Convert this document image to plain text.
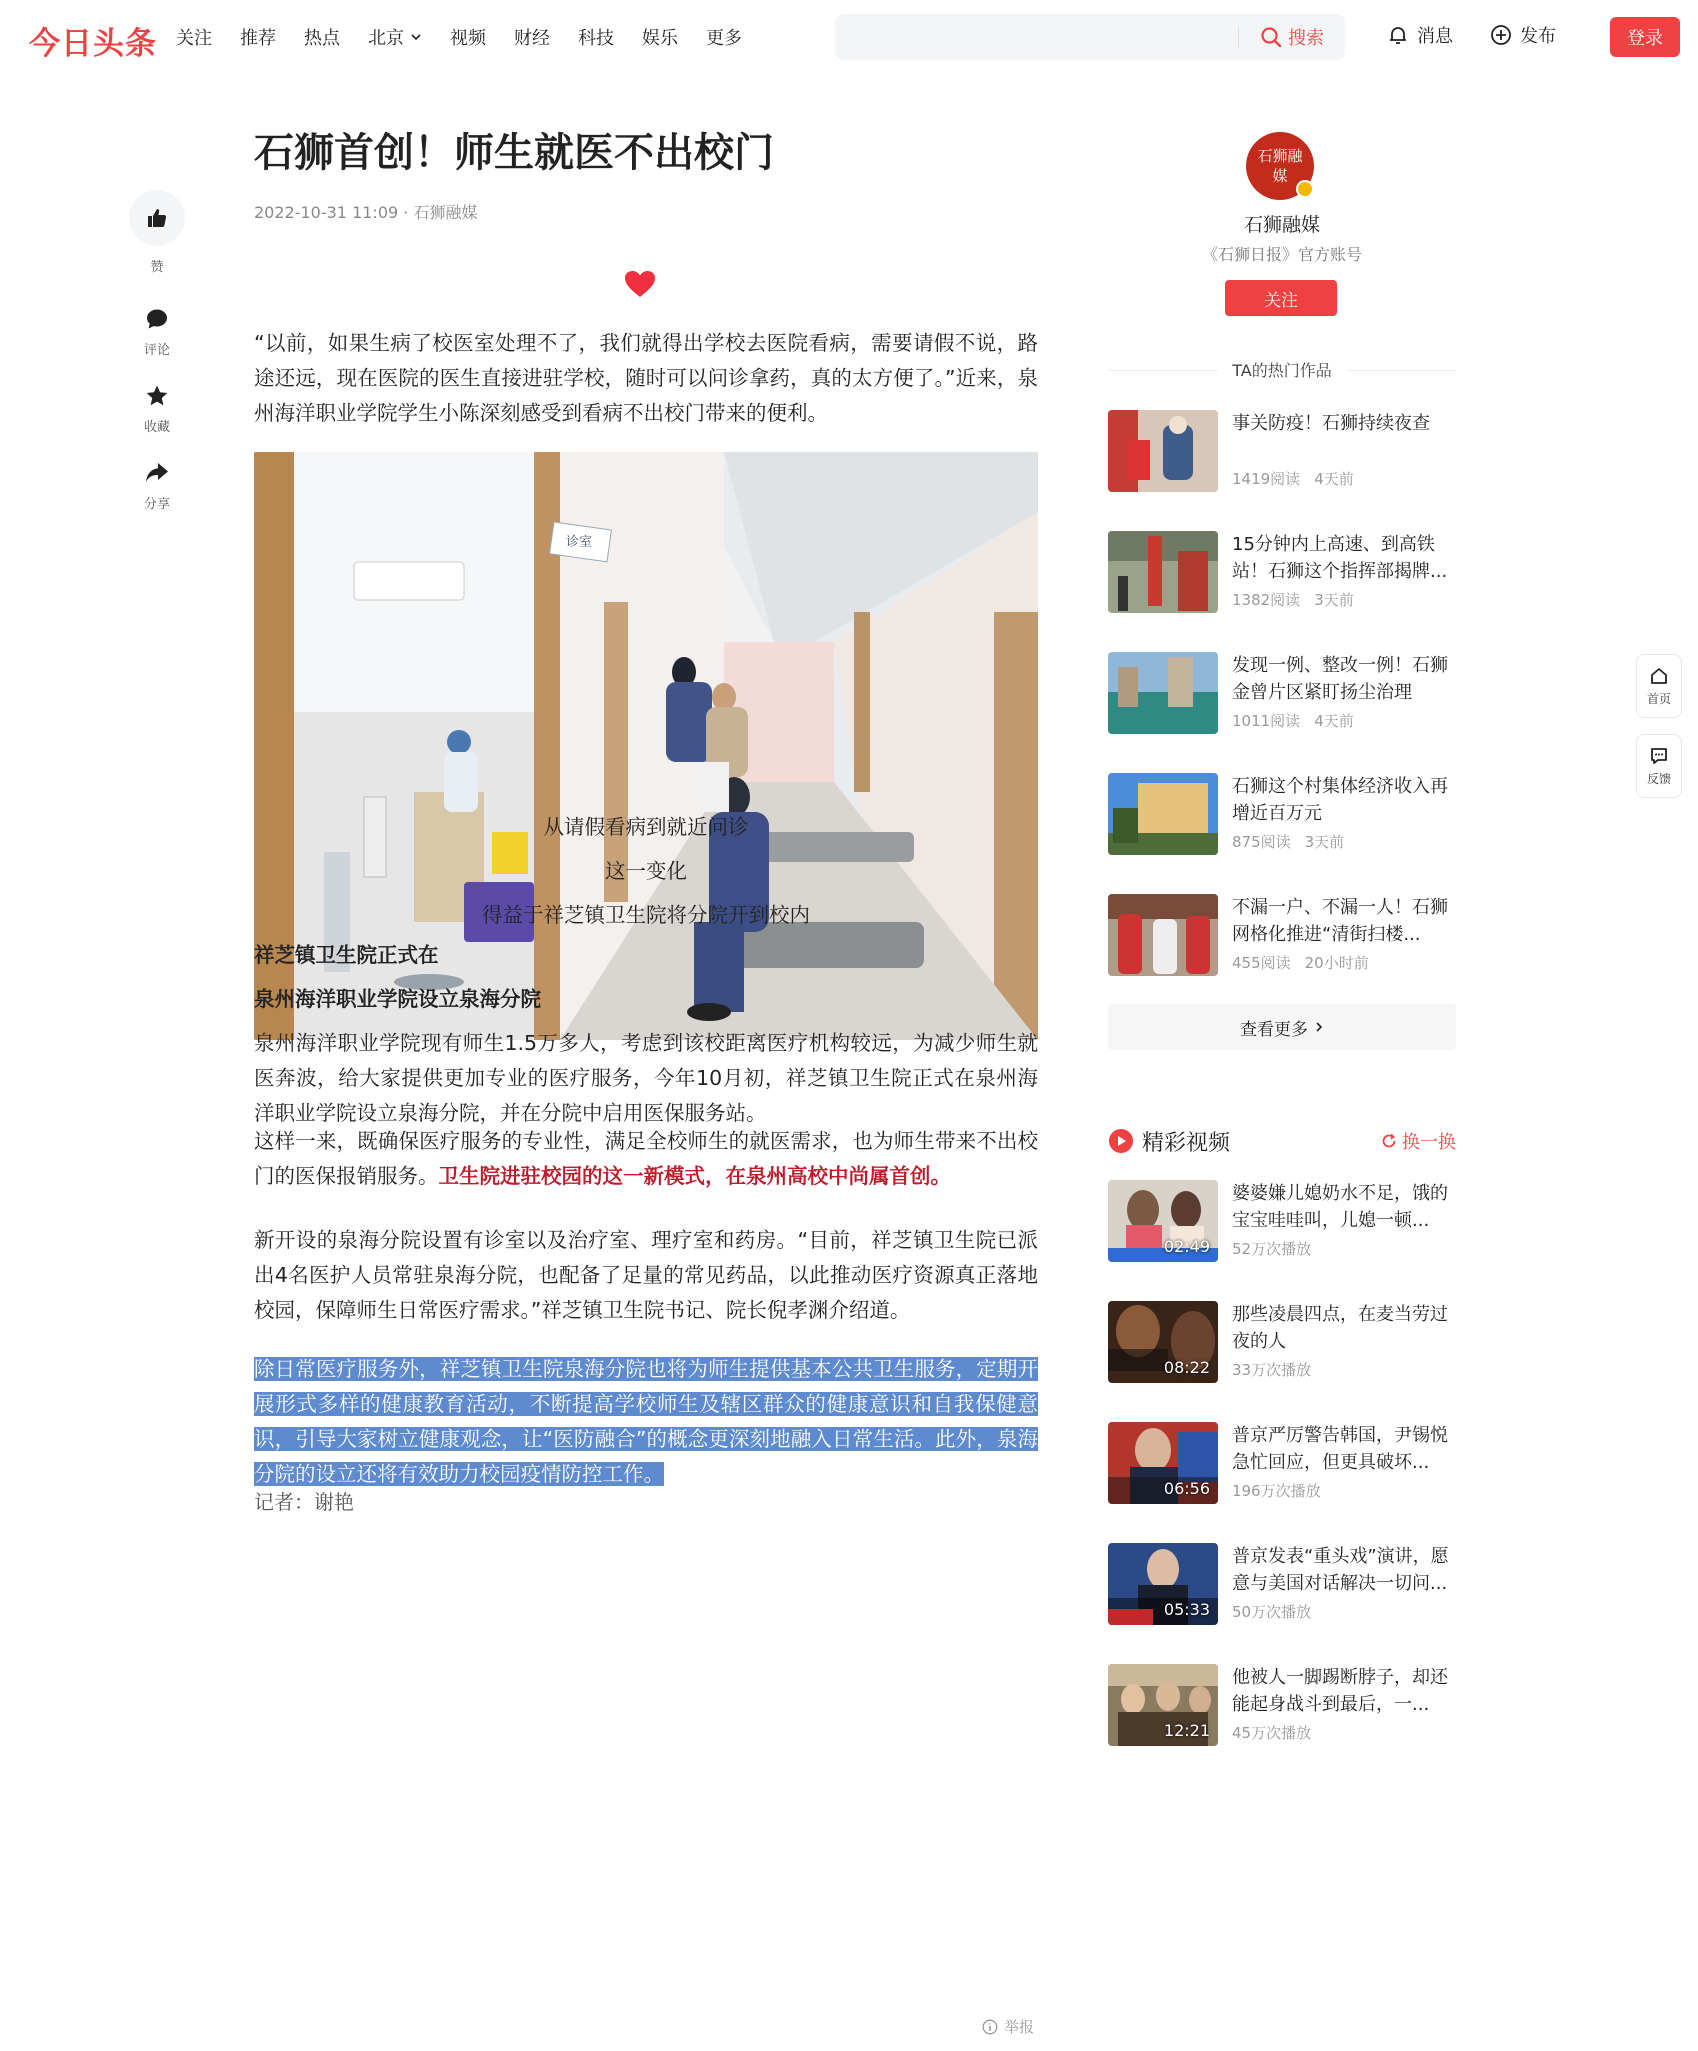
今日头条 关注 推荐 热点 北京	视频 财经 科技 娱乐 更多	搜索	消息	发布	登录
赞
评论
收藏
分享
石狮首创！师生就医不出校门
2022-10-31 11:09 · 石狮融媒

“以前，如果生病了校医室处理不了，我们就得出学校去医院看病，需要请假不说，路途还远，现在医院的医生直接进驻学校，随时可以问诊拿药，真的太方便了。”近来，泉州海洋职业学院学生小陈深刻感受到看病不出校门带来的便利。

诊室
从请假看病到就近问诊
这一变化
得益于祥芝镇卫生院将分院开到校内
祥芝镇卫生院正式在
泉州海洋职业学院设立泉海分院

泉州海洋职业学院现有师生1.5万多人，考虑到该校距离医疗机构较远，为减少师生就医奔波，给大家提供更加专业的医疗服务，今年10月初，祥芝镇卫生院正式在泉州海洋职业学院设立泉海分院，并在分院中启用医保服务站。

这样一来，既确保医疗服务的专业性，满足全校师生的就医需求，也为师生带来不出校门的医保报销服务。卫生院进驻校园的这一新模式，在泉州高校中尚属首创。

新开设的泉海分院设置有诊室以及治疗室、理疗室和药房。“目前，祥芝镇卫生院已派出4名医护人员常驻泉海分院，也配备了足量的常见药品，以此推动医疗资源真正落地校园，保障师生日常医疗需求。”祥芝镇卫生院书记、院长倪孝渊介绍道。

除日常医疗服务外，祥芝镇卫生院泉海分院也将为师生提供基本公共卫生服务，定期开展形式多样的健康教育活动，不断提高学校师生及辖区群众的健康意识和自我保健意识，引导大家树立健康观念，让“医防融合”的概念更深刻地融入日常生活。此外，泉海分院的设立还将有效助力校园疫情防控工作。

记者：谢艳
举报
石狮融媒
石狮融媒
《石狮日报》官方账号
关注
TA的热门作品
事关防疫！石狮持续夜查
1419阅读 4天前
15分钟内上高速、到高铁站！石狮这个指挥部揭牌...
1382阅读 3天前
发现一例、整改一例！石狮金曾片区紧盯扬尘治理
1011阅读 4天前
石狮这个村集体经济收入再增近百万元
875阅读 3天前
不漏一户、不漏一人！石狮网格化推进“清街扫楼...
455阅读 20小时前
查看更多
精彩视频	换一换
02:49
婆婆嫌儿媳奶水不足，饿的宝宝哇哇叫，儿媳一顿...
52万次播放
08:22
那些凌晨四点，在麦当劳过夜的人
33万次播放
06:56
普京严厉警告韩国，尹锡悦急忙回应，但更具破坏...
196万次播放
05:33
普京发表“重头戏”演讲，愿意与美国对话解决一切问...
50万次播放
12:21
他被人一脚踢断脖子，却还能起身战斗到最后，一...
45万次播放
首页
反馈
